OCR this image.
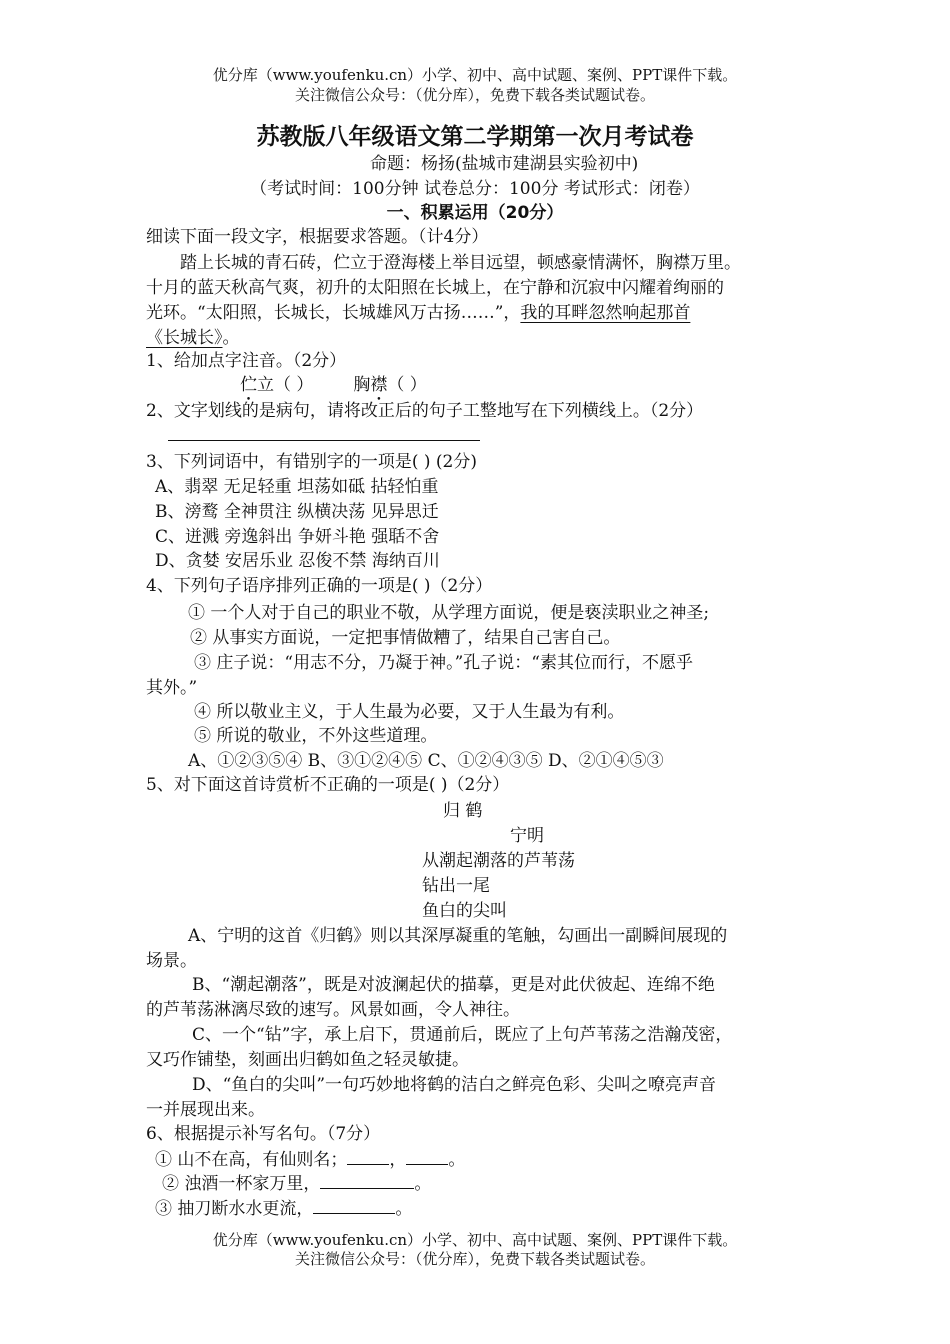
优分库（www.youfenku.cn）小学、初中、高中试题、案例、PPT课件下载。
关注微信公众号：（优分库），免费下载各类试题试卷。
苏教版八年级语文第二学期第一次月考试卷
命题：杨扬(盐城市建湖县实验初中)
（考试时间：100分钟 试卷总分：100分 考试形式：闭卷）
一、积累运用（20分）
细读下面一段文字，根据要求答题。（计4分）
踏上长城的青石砖，伫立于澄海楼上举目远望，顿感豪情满怀，胸襟万里。
十月的蓝天秋高气爽，初升的太阳照在长城上，在宁静和沉寂中闪耀着绚丽的
光环。“太阳照，长城长，长城雄风万古扬……”，我的耳畔忽然响起那首
《长城长》。
1、给加点字注音。（2分）
伫立（ ） 胸襟（ ）
2、文字划线的是病句，请将改正后的句子工整地写在下列横线上。（2分）
3、下列词语中，有错别字的一项是( ) (2分)
A、翡翠 无足轻重 坦荡如砥 拈轻怕重
B、滂鹜 全神贯注 纵横决荡 见异思迁
C、迸溅 旁逸斜出 争妍斗艳 强聒不舍
D、贪婪 安居乐业 忍俊不禁 海纳百川
4、下列句子语序排列正确的一项是( )（2分）
① 一个人对于自己的职业不敬，从学理方面说，便是亵渎职业之神圣;
② 从事实方面说，一定把事情做糟了，结果自己害自己。
③ 庄子说：“用志不分，乃凝于神。”孔子说：“素其位而行，不愿乎
其外。”
④ 所以敬业主义，于人生最为必要，又于人生最为有利。
⑤ 所说的敬业，不外这些道理。
A、①②③⑤④ B、③①②④⑤ C、①②④③⑤ D、②①④⑤③
5、对下面这首诗赏析不正确的一项是( )（2分）
归 鹤
宁明
从潮起潮落的芦苇荡
钻出一尾
鱼白的尖叫
A、宁明的这首《归鹤》则以其深厚凝重的笔触，勾画出一副瞬间展现的
场景。
B、“潮起潮落”，既是对波澜起伏的描摹，更是对此伏彼起、连绵不绝
的芦苇荡淋漓尽致的速写。风景如画，令人神往。
C、一个“钻”字，承上启下，贯通前后，既应了上句芦苇荡之浩瀚茂密，
又巧作铺垫，刻画出归鹤如鱼之轻灵敏捷。
D、“鱼白的尖叫”一句巧妙地将鹤的洁白之鲜亮色彩、尖叫之嘹亮声音
一并展现出来。
6、根据提示补写名句。（7分）
① 山不在高，有仙则名； ， 。
② 浊酒一杯家万里，	。
③ 抽刀断水水更流，	。
优分库（www.youfenku.cn）小学、初中、高中试题、案例、PPT课件下载。
关注微信公众号：（优分库），免费下载各类试题试卷。
